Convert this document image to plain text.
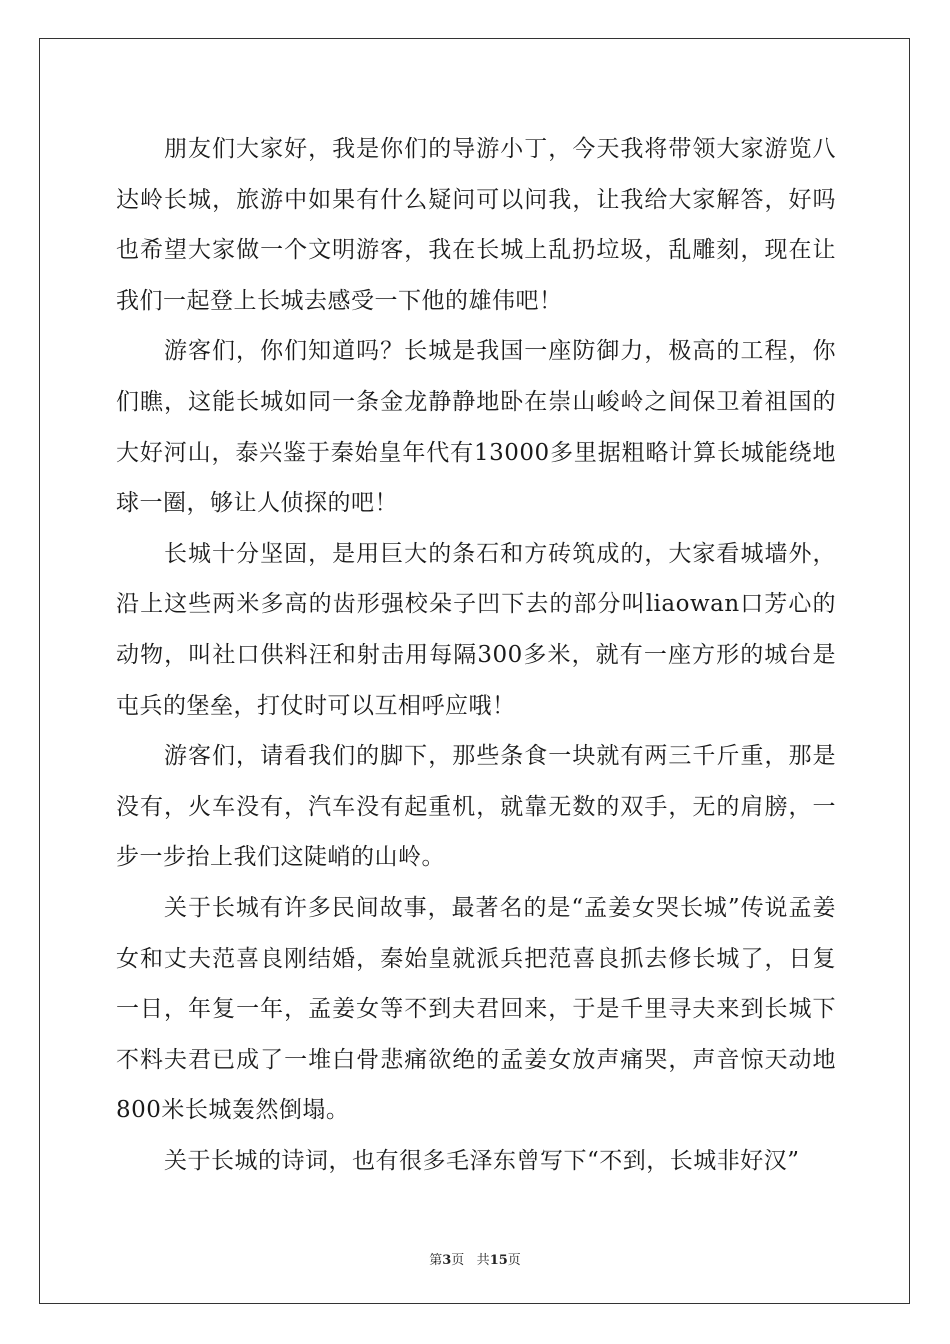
朋友们大家好，我是你们的导游小丁，今天我将带领大家游览八达岭长城，旅游中如果有什么疑问可以问我，让我给大家解答，好吗也希望大家做一个文明游客，我在长城上乱扔垃圾，乱雕刻，现在让我们一起登上长城去感受一下他的雄伟吧！

游客们，你们知道吗？长城是我国一座防御力，极高的工程，你们瞧，这能长城如同一条金龙静静地卧在崇山峻岭之间保卫着祖国的大好河山，泰兴鉴于秦始皇年代有13000多里据粗略计算长城能绕地球一圈，够让人侦探的吧！

长城十分坚固，是用巨大的条石和方砖筑成的，大家看城墙外，沿上这些两米多高的齿形强校朵子凹下去的部分叫liaowan口芳心的动物，叫社口供料汪和射击用每隔300多米，就有一座方形的城台是屯兵的堡垒，打仗时可以互相呼应哦！

游客们，请看我们的脚下，那些条食一块就有两三千斤重，那是没有，火车没有，汽车没有起重机，就靠无数的双手，无的肩膀，一步一步抬上我们这陡峭的山岭。

关于长城有许多民间故事，最著名的是“孟姜女哭长城”传说孟姜女和丈夫范喜良刚结婚，秦始皇就派兵把范喜良抓去修长城了，日复一日，年复一年，孟姜女等不到夫君回来，于是千里寻夫来到长城下不料夫君已成了一堆白骨悲痛欲绝的孟姜女放声痛哭，声音惊天动地800米长城轰然倒塌。

关于长城的诗词，也有很多毛泽东曾写下“不到，长城非好汉”

第3页 共15页
